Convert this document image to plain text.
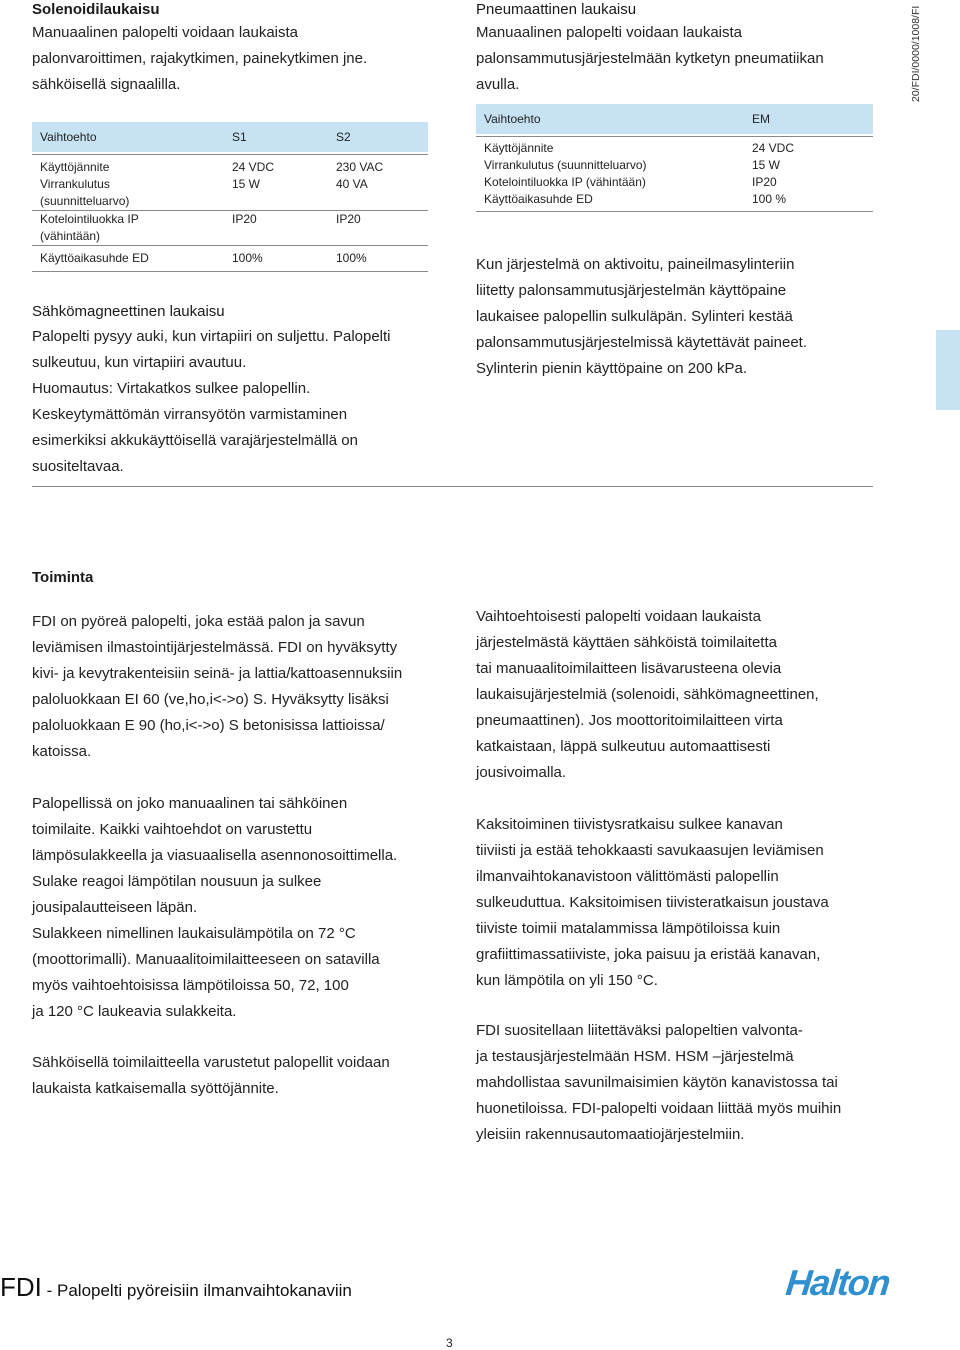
Solenoidilaukaisu
Manuaalinen palopelti voidaan laukaista
palonvaroittimen, rajakytkimen, painekytkimen jne.
sähköisellä signaalilla.
Pneumaattinen laukaisu
Manuaalinen palopelti voidaan laukaista
palonsammutusjärjestelmään kytketyn pneumatiikan
avulla.	20/FDI/0000/1008/FI
Vaihtoehto	S1	S2
Käyttöjännite	24 VDC	230 VAC
Virrankulutus
(suunnitteluarvo)	15 W	40 VA
Kotelointiluokka IP
(vähintään)	IP20	IP20
Käyttöaikasuhde ED	100%	100%
Vaihtoehto	EM
Käyttöjännite	24 VDC
Virrankulutus (suunnitteluarvo)	15 W
Kotelointiluokka IP (vähintään)	IP20
Käyttöaikasuhde ED	100 %
Sähkömagneettinen laukaisu
Palopelti pysyy auki, kun virtapiiri on suljettu. Palopelti
sulkeutuu, kun virtapiiri avautuu.
Huomautus: Virtakatkos sulkee palopellin.
Keskeytymättömän virransyötön varmistaminen
esimerkiksi akkukäyttöisellä varajärjestelmällä on
suositeltavaa.
Kun järjestelmä on aktivoitu, paineilmasylinteriin
liitetty palonsammutusjärjestelmän käyttöpaine
laukaisee palopellin sulkuläpän. Sylinteri kestää
palonsammutusjärjestelmissä käytettävät paineet.
Sylinterin pienin käyttöpaine on 200 kPa.
Toiminta
FDI on pyöreä palopelti, joka estää palon ja savun
leviämisen ilmastointijärjestelmässä. FDI on hyväksytty
kivi- ja kevytrakenteisiin seinä- ja lattia/kattoasennuksiin
paloluokkaan EI 60 (ve,ho,i<->o) S. Hyväksytty lisäksi
paloluokkaan E 90 (ho,i<->o) S betonisissa lattioissa/
katoissa.
Palopellissä on joko manuaalinen tai sähköinen
toimilaite. Kaikki vaihtoehdot on varustettu
lämpösulakkeella ja viasuaalisella asennonosoittimella.
Sulake reagoi lämpötilan nousuun ja sulkee
jousipalautteiseen läpän.
Sulakkeen nimellinen laukaisulämpötila on 72 °C
(moottorimalli). Manuaalitoimilaitteeseen on satavilla
myös vaihtoehtoisissa lämpötiloissa 50, 72, 100
ja 120 °C laukeavia sulakkeita.
Sähköisellä toimilaitteella varustetut palopellit voidaan
laukaista katkaisemalla syöttöjännite.
Vaihtoehtoisesti palopelti voidaan laukaista
järjestelmästä käyttäen sähköistä toimilaitetta
tai manuaalitoimilaitteen lisävarusteena olevia
laukaisujärjestelmiä (solenoidi, sähkömagneettinen,
pneumaattinen). Jos moottoritoimilaitteen virta
katkaistaan, läppä sulkeutuu automaattisesti
jousivoimalla.
Kaksitoiminen tiivistysratkaisu sulkee kanavan
tiiviisti ja estää tehokkaasti savukaasujen leviämisen
ilmanvaihtokanavistoon välittömästi palopellin
sulkeuduttua. Kaksitoimisen tiivisteratkaisun joustava
tiiviste toimii matalammissa lämpötiloissa kuin
grafiittimassatiiviste, joka paisuu ja eristää kanavan,
kun lämpötila on yli 150 °C.
FDI suositellaan liitettäväksi palopeltien valvonta-
ja testausjärjestelmään HSM. HSM –järjestelmä
mahdollistaa savunilmaisimien käytön kanavistossa tai
huonetiloissa. FDI-palopelti voidaan liittää myös muihin
yleisiin rakennusautomaatiojärjestelmiin.
FDI - Palopelti pyöreisiin ilmanvaihtokanaviin	Halton
3
